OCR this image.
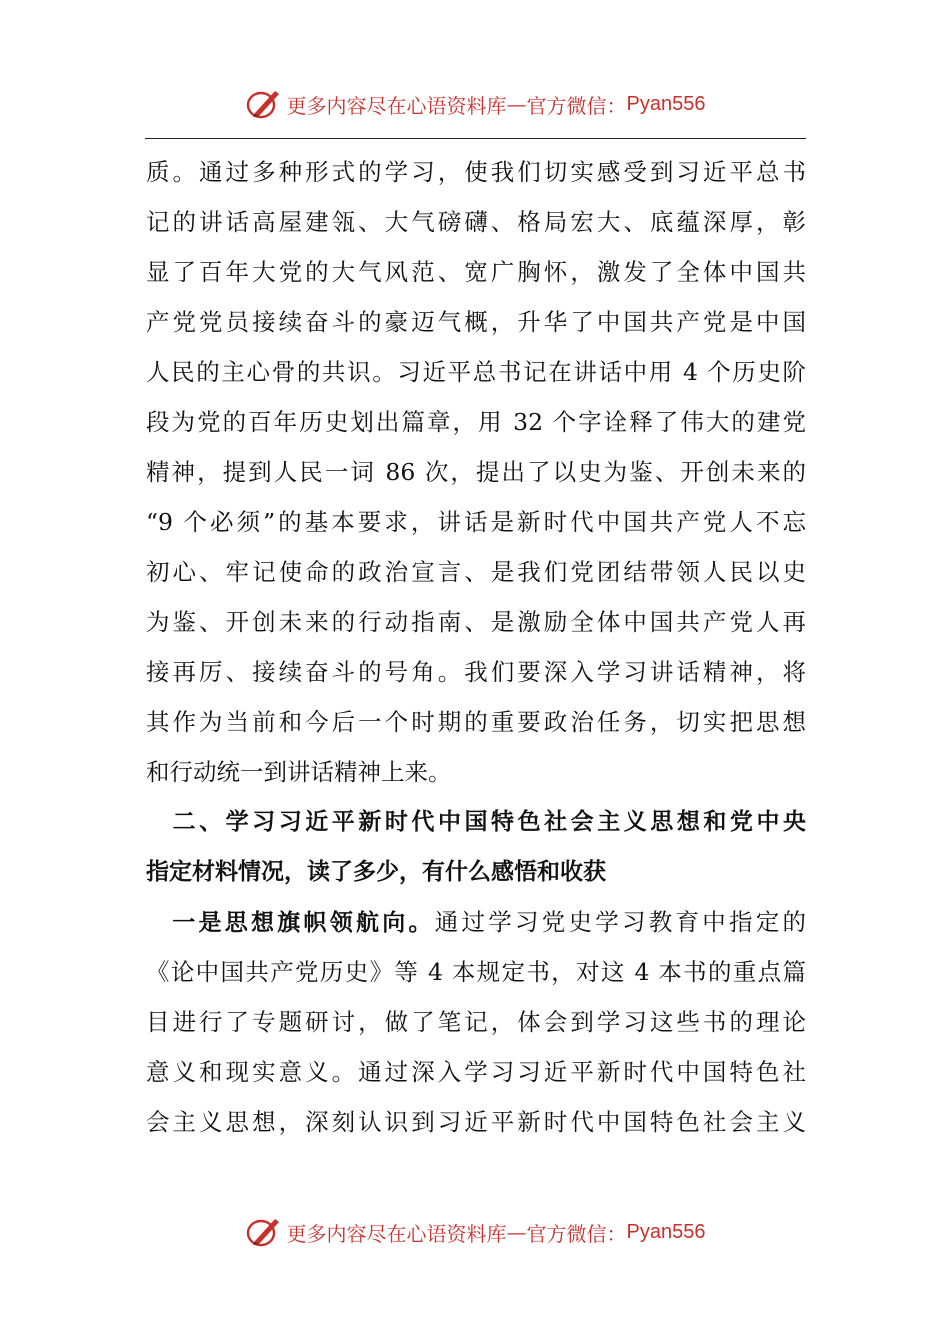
更多内容尽在心语资料库 — 官方微信： Pyan556
质。通过多种形式的学习，使我们切实感受到习近平总书
记的讲话高屋建瓴、大气磅礴、格局宏大、底蕴深厚，彰
显了百年大党的大气风范、宽广胸怀，激发了全体中国共
产党党员接续奋斗的豪迈气概，升华了中国共产党是中国
人民的主心骨的共识。习近平总书记在讲话中用 4 个历史阶
段为党的百年历史划出篇章，用 32 个字诠释了伟大的建党
精神，提到人民一词 86 次，提出了以史为鉴、开创未来的
“9 个必须”的基本要求，讲话是新时代中国共产党人不忘
初心、牢记使命的政治宣言、是我们党团结带领人民以史
为鉴、开创未来的行动指南、是激励全体中国共产党人再
接再厉、接续奋斗的号角。我们要深入学习讲话精神，将
其作为当前和今后一个时期的重要政治任务，切实把思想
和行动统一到讲话精神上来。
　二、学习习近平新时代中国特色社会主义思想和党中央
指定材料情况，读了多少，有什么感悟和收获
　一是思想旗帜领航向。通过学习党史学习教育中指定的
《论中国共产党历史》等 4 本规定书，对这 4 本书的重点篇
目进行了专题研讨，做了笔记，体会到学习这些书的理论
意义和现实意义。通过深入学习习近平新时代中国特色社
会主义思想，深刻认识到习近平新时代中国特色社会主义
更多内容尽在心语资料库 — 官方微信： Pyan556
